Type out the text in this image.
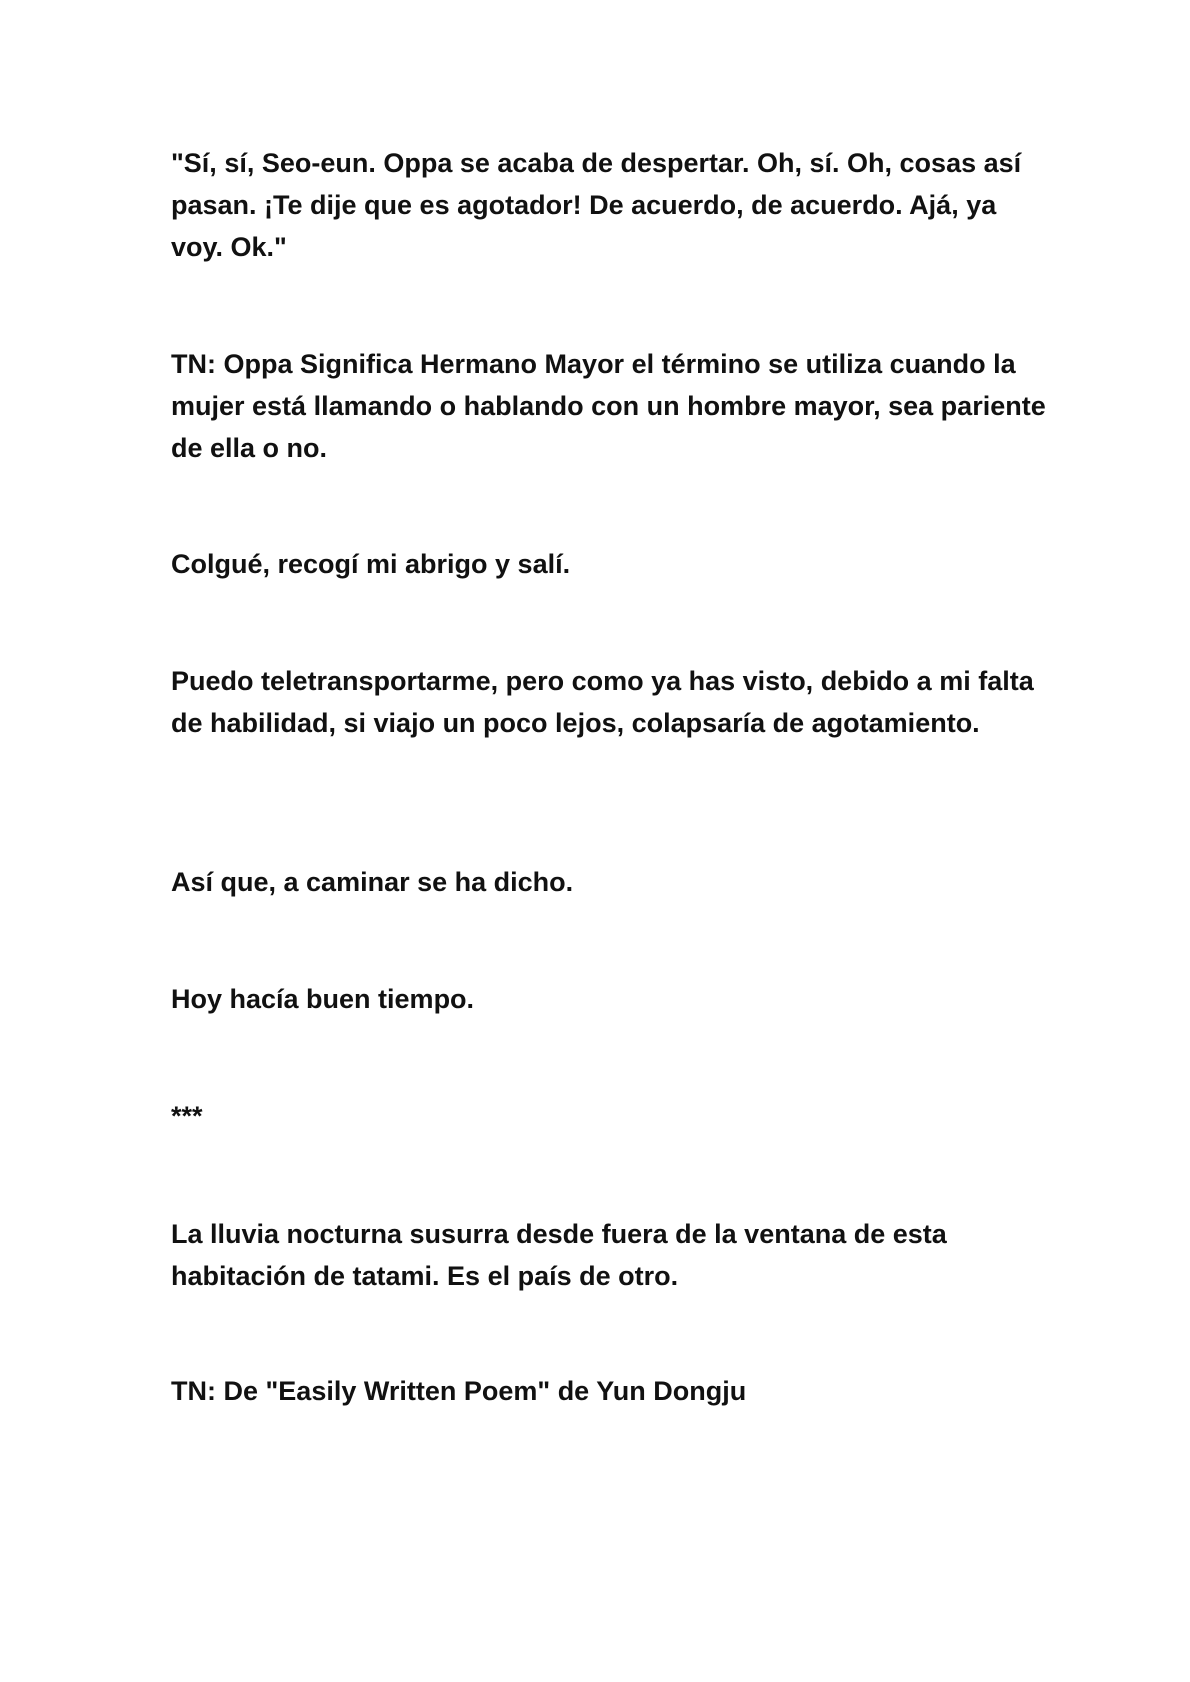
"Sí, sí, Seo-eun. Oppa se acaba de despertar. Oh, sí. Oh, cosas así pasan. ¡Te dije que es agotador! De acuerdo, de acuerdo. Ajá, ya voy. Ok."

TN: Oppa Significa Hermano Mayor el término se utiliza cuando la mujer está llamando o hablando con un hombre mayor, sea pariente de ella o no.

Colgué, recogí mi abrigo y salí.

Puedo teletransportarme, pero como ya has visto, debido a mi falta de habilidad, si viajo un poco lejos, colapsaría de agotamiento.

Así que, a caminar se ha dicho.

Hoy hacía buen tiempo.

***

La lluvia nocturna susurra desde fuera de la ventana de esta habitación de tatami. Es el país de otro.

TN: De "Easily Written Poem" de Yun Dongju
